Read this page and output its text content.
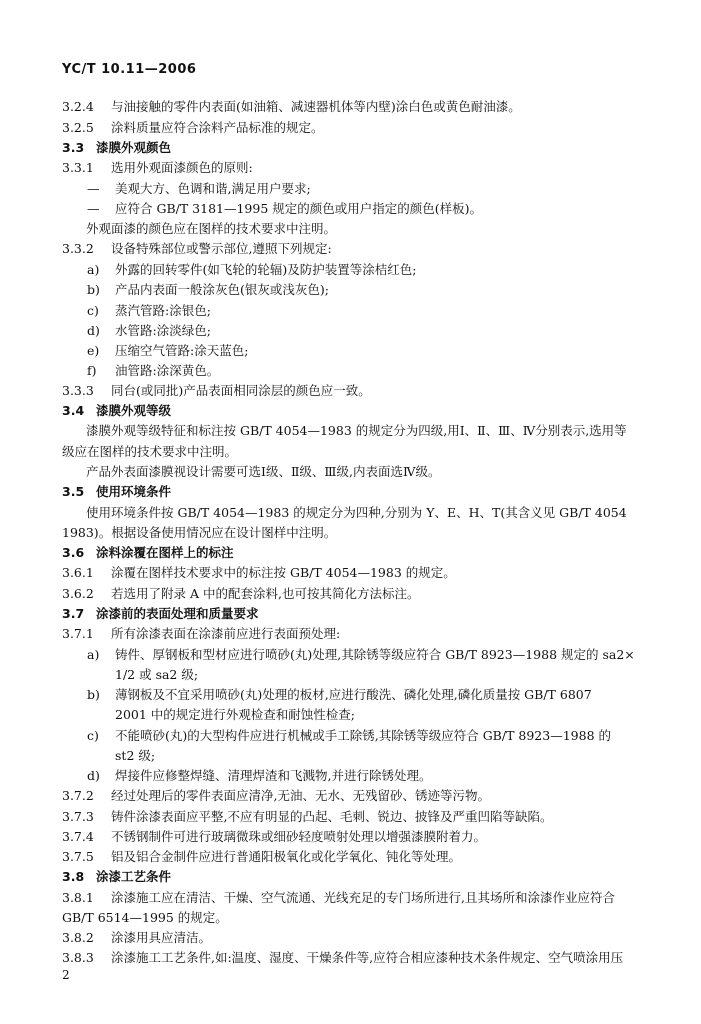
YC/T 10.11—2006
3.2.4 与油接触的零件内表面(如油箱、减速器机体等内壁)涂白色或黄色耐油漆。
3.2.5 涂料质量应符合涂料产品标准的规定。
3.3 漆膜外观颜色
3.3.1 选用外观面漆颜色的原则:
— 美观大方、色调和谐,满足用户要求;
— 应符合 GB/T 3181—1995 规定的颜色或用户指定的颜色(样板)。
外观面漆的颜色应在图样的技术要求中注明。
3.3.2 设备特殊部位或警示部位,遵照下列规定:
a) 外露的回转零件(如飞轮的轮辐)及防护装置等涂桔红色;
b) 产品内表面一般涂灰色(银灰或浅灰色);
c) 蒸汽管路:涂银色;
d) 水管路:涂淡绿色;
e) 压缩空气管路:涂天蓝色;
f) 油管路:涂深黄色。
3.3.3 同台(或同批)产品表面相同涂层的颜色应一致。
3.4 漆膜外观等级
漆膜外观等级特征和标注按 GB/T 4054—1983 的规定分为四级,用Ⅰ、Ⅱ、Ⅲ、Ⅳ分别表示,选用等
级应在图样的技术要求中注明。
产品外表面漆膜视设计需要可选Ⅰ级、Ⅱ级、Ⅲ级,内表面选Ⅳ级。
3.5 使用环境条件
使用环境条件按 GB/T 4054—1983 的规定分为四种,分别为 Y、E、H、T(其含义见 GB/T 4054
1983)。根据设备使用情况应在设计图样中注明。
3.6 涂料涂覆在图样上的标注
3.6.1 涂覆在图样技术要求中的标注按 GB/T 4054—1983 的规定。
3.6.2 若选用了附录 A 中的配套涂料,也可按其简化方法标注。
3.7 涂漆前的表面处理和质量要求
3.7.1 所有涂漆表面在涂漆前应进行表面预处理:
a) 铸件、厚钢板和型材应进行喷砂(丸)处理,其除锈等级应符合 GB/T 8923—1988 规定的 sa2×
1/2 或 sa2 级;
b) 薄钢板及不宜采用喷砂(丸)处理的板材,应进行酸洗、磷化处理,磷化质量按 GB/T 6807
2001 中的规定进行外观检查和耐蚀性检查;
c) 不能喷砂(丸)的大型构件应进行机械或手工除锈,其除锈等级应符合 GB/T 8923—1988 的
st2 级;
d) 焊接件应修整焊缝、清理焊渣和飞溅物,并进行除锈处理。
3.7.2 经过处理后的零件表面应清净,无油、无水、无残留砂、锈迹等污物。
3.7.3 铸件涂漆表面应平整,不应有明显的凸起、毛刺、锐边、披锋及严重凹陷等缺陷。
3.7.4 不锈钢制件可进行玻璃微珠或细砂轻度喷射处理以增强漆膜附着力。
3.7.5 铝及铝合金制件应进行普通阳极氧化或化学氧化、钝化等处理。
3.8 涂漆工艺条件
3.8.1 涂漆施工应在清洁、干燥、空气流通、光线充足的专门场所进行,且其场所和涂漆作业应符合
GB/T 6514—1995 的规定。
3.8.2 涂漆用具应清洁。
3.8.3 涂漆施工工艺条件,如:温度、湿度、干燥条件等,应符合相应漆种技术条件规定、空气喷涂用压
2
